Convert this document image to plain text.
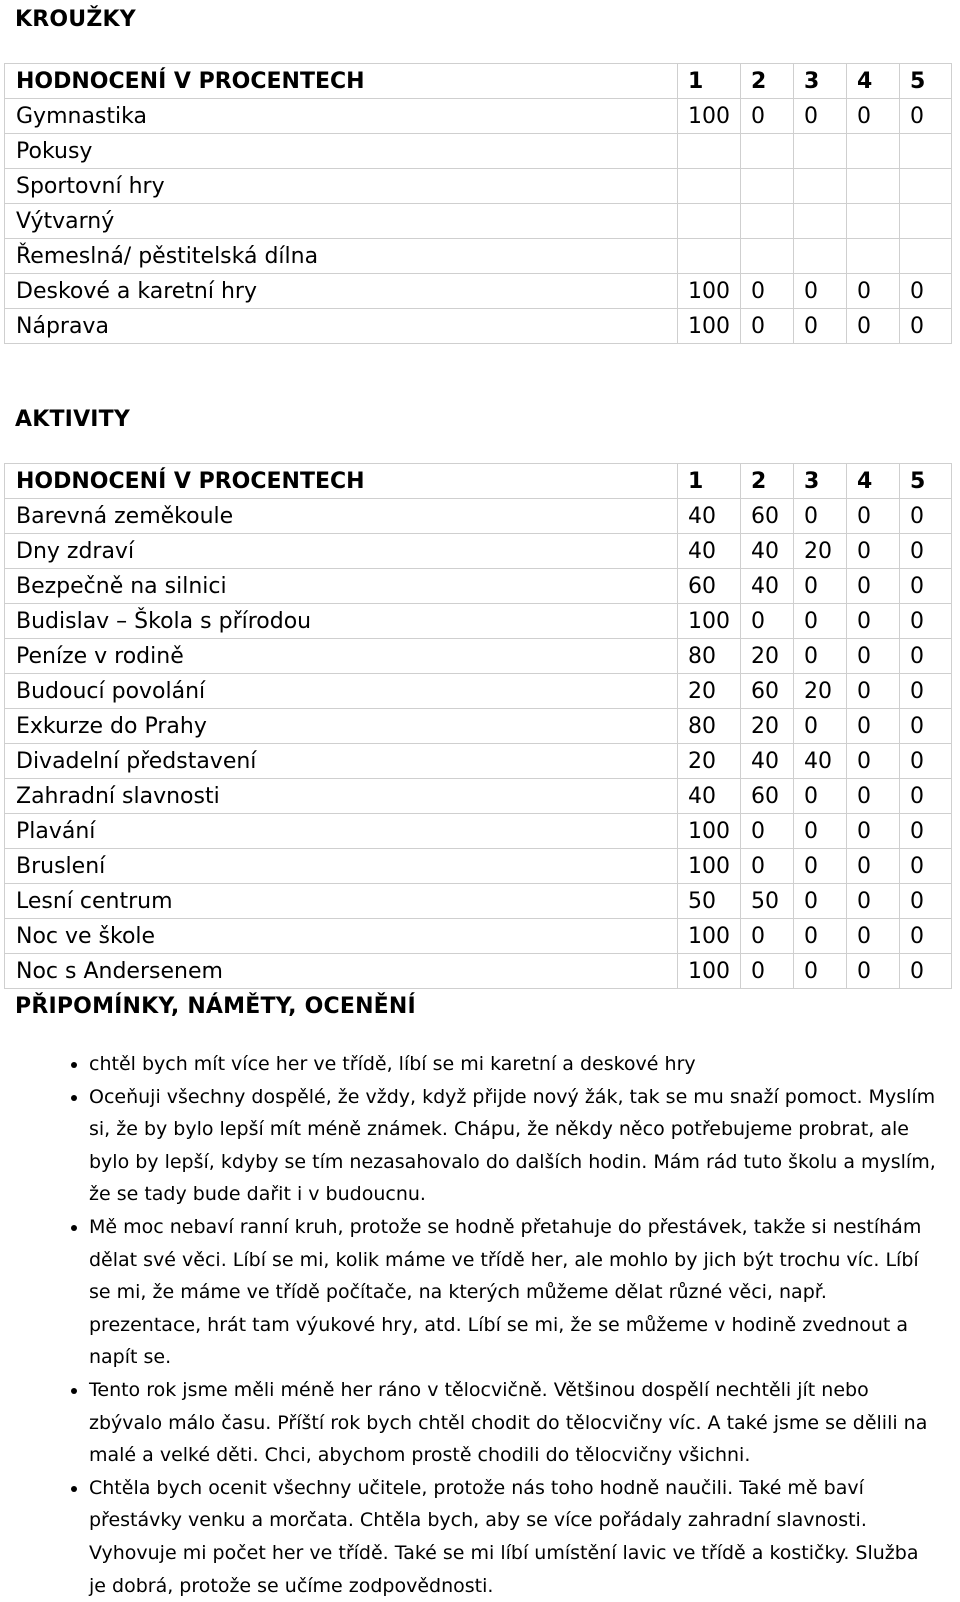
KROUŽKY
HODNOCENÍ V PROCENTECH	1	2	3	4	5
Gymnastika	100	0	0	0	0
Pokusy					
Sportovní hry					
Výtvarný					
Řemeslná/ pěstitelská dílna					
Deskové a karetní hry	100	0	0	0	0
Náprava	100	0	0	0	0
AKTIVITY
HODNOCENÍ V PROCENTECH	1	2	3	4	5
Barevná zeměkoule	40	60	0	0	0
Dny zdraví	40	40	20	0	0
Bezpečně na silnici	60	40	0	0	0
Budislav – Škola s přírodou	100	0	0	0	0
Peníze v rodině	80	20	0	0	0
Budoucí povolání	20	60	20	0	0
Exkurze do Prahy	80	20	0	0	0
Divadelní představení	20	40	40	0	0
Zahradní slavnosti	40	60	0	0	0
Plavání	100	0	0	0	0
Bruslení	100	0	0	0	0
Lesní centrum	50	50	0	0	0
Noc ve škole	100	0	0	0	0
Noc s Andersenem	100	0	0	0	0
PŘIPOMÍNKY, NÁMĚTY, OCENĚNÍ
• chtěl bych mít více her ve třídě, líbí se mi karetní a deskové hry
• Oceňuji všechny dospělé, že vždy, když přijde nový žák, tak se mu snaží pomoct. Myslím si, že by bylo lepší mít méně známek. Chápu, že někdy něco potřebujeme probrat, ale bylo by lepší, kdyby se tím nezasahovalo do dalších hodin. Mám rád tuto školu a myslím, že se tady bude dařit i v budoucnu.
• Mě moc nebaví ranní kruh, protože se hodně přetahuje do přestávek, takže si nestíhám dělat své věci. Líbí se mi, kolik máme ve třídě her, ale mohlo by jich být trochu víc. Líbí se mi, že máme ve třídě počítače, na kterých můžeme dělat různé věci, např. prezentace, hrát tam výukové hry, atd. Líbí se mi, že se můžeme v hodině zvednout a napít se.
• Tento rok jsme měli méně her ráno v tělocvičně. Většinou dospělí nechtěli jít nebo zbývalo málo času. Příští rok bych chtěl chodit do tělocvičny víc. A také jsme se dělili na malé a velké děti. Chci, abychom prostě chodili do tělocvičny všichni.
• Chtěla bych ocenit všechny učitele, protože nás toho hodně naučili. Také mě baví přestávky venku a morčata. Chtěla bych, aby se více pořádaly zahradní slavnosti. Vyhovuje mi počet her ve třídě. Také se mi líbí umístění lavic ve třídě a kostičky. Služba je dobrá, protože se učíme zodpovědnosti.
